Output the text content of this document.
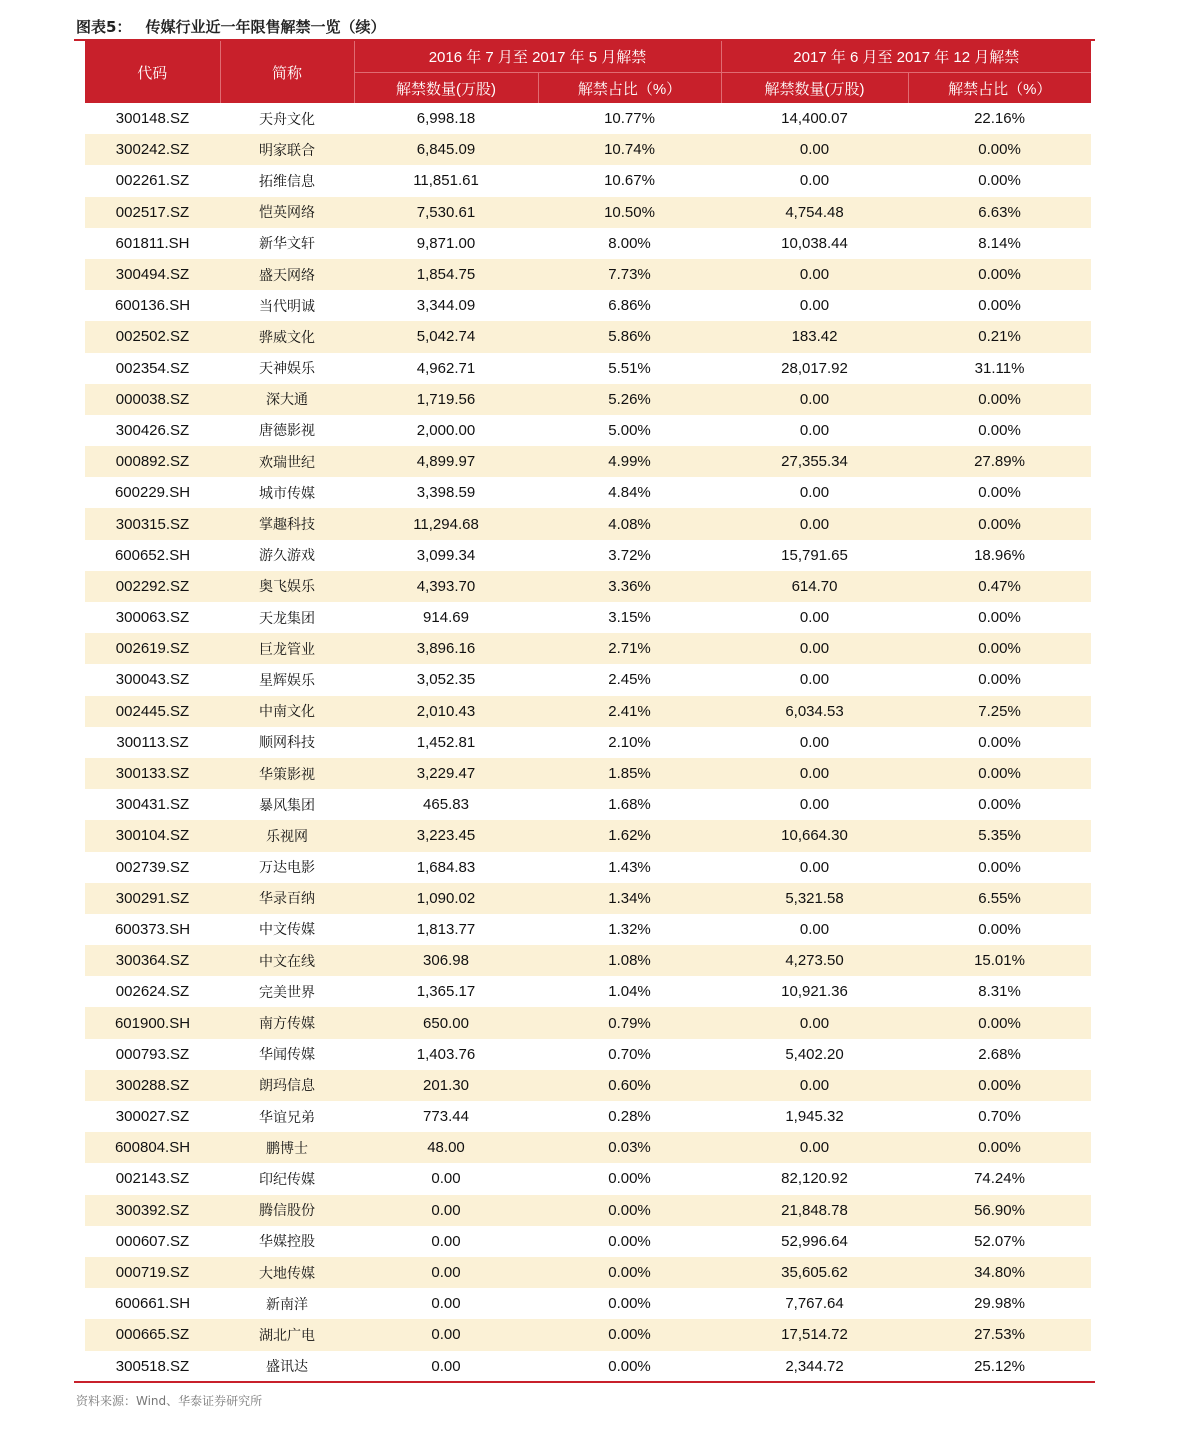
图表5： 传媒行业近一年限售解禁一览（续）
代码	简称	2016 年 7 月至 2017 年 5 月解禁		2017 年 6 月至 2017 年 12 月解禁	
		解禁数量(万股)	解禁占比（%）	解禁数量(万股)	解禁占比（%）
300148.SZ	天舟文化	6,998.18	10.77%	14,400.07	22.16%
300242.SZ	明家联合	6,845.09	10.74%	0.00	0.00%
002261.SZ	拓维信息	11,851.61	10.67%	0.00	0.00%
002517.SZ	恺英网络	7,530.61	10.50%	4,754.48	6.63%
601811.SH	新华文轩	9,871.00	8.00%	10,038.44	8.14%
300494.SZ	盛天网络	1,854.75	7.73%	0.00	0.00%
600136.SH	当代明诚	3,344.09	6.86%	0.00	0.00%
002502.SZ	骅威文化	5,042.74	5.86%	183.42	0.21%
002354.SZ	天神娱乐	4,962.71	5.51%	28,017.92	31.11%
000038.SZ	深大通	1,719.56	5.26%	0.00	0.00%
300426.SZ	唐德影视	2,000.00	5.00%	0.00	0.00%
000892.SZ	欢瑞世纪	4,899.97	4.99%	27,355.34	27.89%
600229.SH	城市传媒	3,398.59	4.84%	0.00	0.00%
300315.SZ	掌趣科技	11,294.68	4.08%	0.00	0.00%
600652.SH	游久游戏	3,099.34	3.72%	15,791.65	18.96%
002292.SZ	奥飞娱乐	4,393.70	3.36%	614.70	0.47%
300063.SZ	天龙集团	914.69	3.15%	0.00	0.00%
002619.SZ	巨龙管业	3,896.16	2.71%	0.00	0.00%
300043.SZ	星辉娱乐	3,052.35	2.45%	0.00	0.00%
002445.SZ	中南文化	2,010.43	2.41%	6,034.53	7.25%
300113.SZ	顺网科技	1,452.81	2.10%	0.00	0.00%
300133.SZ	华策影视	3,229.47	1.85%	0.00	0.00%
300431.SZ	暴风集团	465.83	1.68%	0.00	0.00%
300104.SZ	乐视网	3,223.45	1.62%	10,664.30	5.35%
002739.SZ	万达电影	1,684.83	1.43%	0.00	0.00%
300291.SZ	华录百纳	1,090.02	1.34%	5,321.58	6.55%
600373.SH	中文传媒	1,813.77	1.32%	0.00	0.00%
300364.SZ	中文在线	306.98	1.08%	4,273.50	15.01%
002624.SZ	完美世界	1,365.17	1.04%	10,921.36	8.31%
601900.SH	南方传媒	650.00	0.79%	0.00	0.00%
000793.SZ	华闻传媒	1,403.76	0.70%	5,402.20	2.68%
300288.SZ	朗玛信息	201.30	0.60%	0.00	0.00%
300027.SZ	华谊兄弟	773.44	0.28%	1,945.32	0.70%
600804.SH	鹏博士	48.00	0.03%	0.00	0.00%
002143.SZ	印纪传媒	0.00	0.00%	82,120.92	74.24%
300392.SZ	腾信股份	0.00	0.00%	21,848.78	56.90%
000607.SZ	华媒控股	0.00	0.00%	52,996.64	52.07%
000719.SZ	大地传媒	0.00	0.00%	35,605.62	34.80%
600661.SH	新南洋	0.00	0.00%	7,767.64	29.98%
000665.SZ	湖北广电	0.00	0.00%	17,514.72	27.53%
300518.SZ	盛讯达	0.00	0.00%	2,344.72	25.12%
资料来源：Wind、华泰证券研究所
